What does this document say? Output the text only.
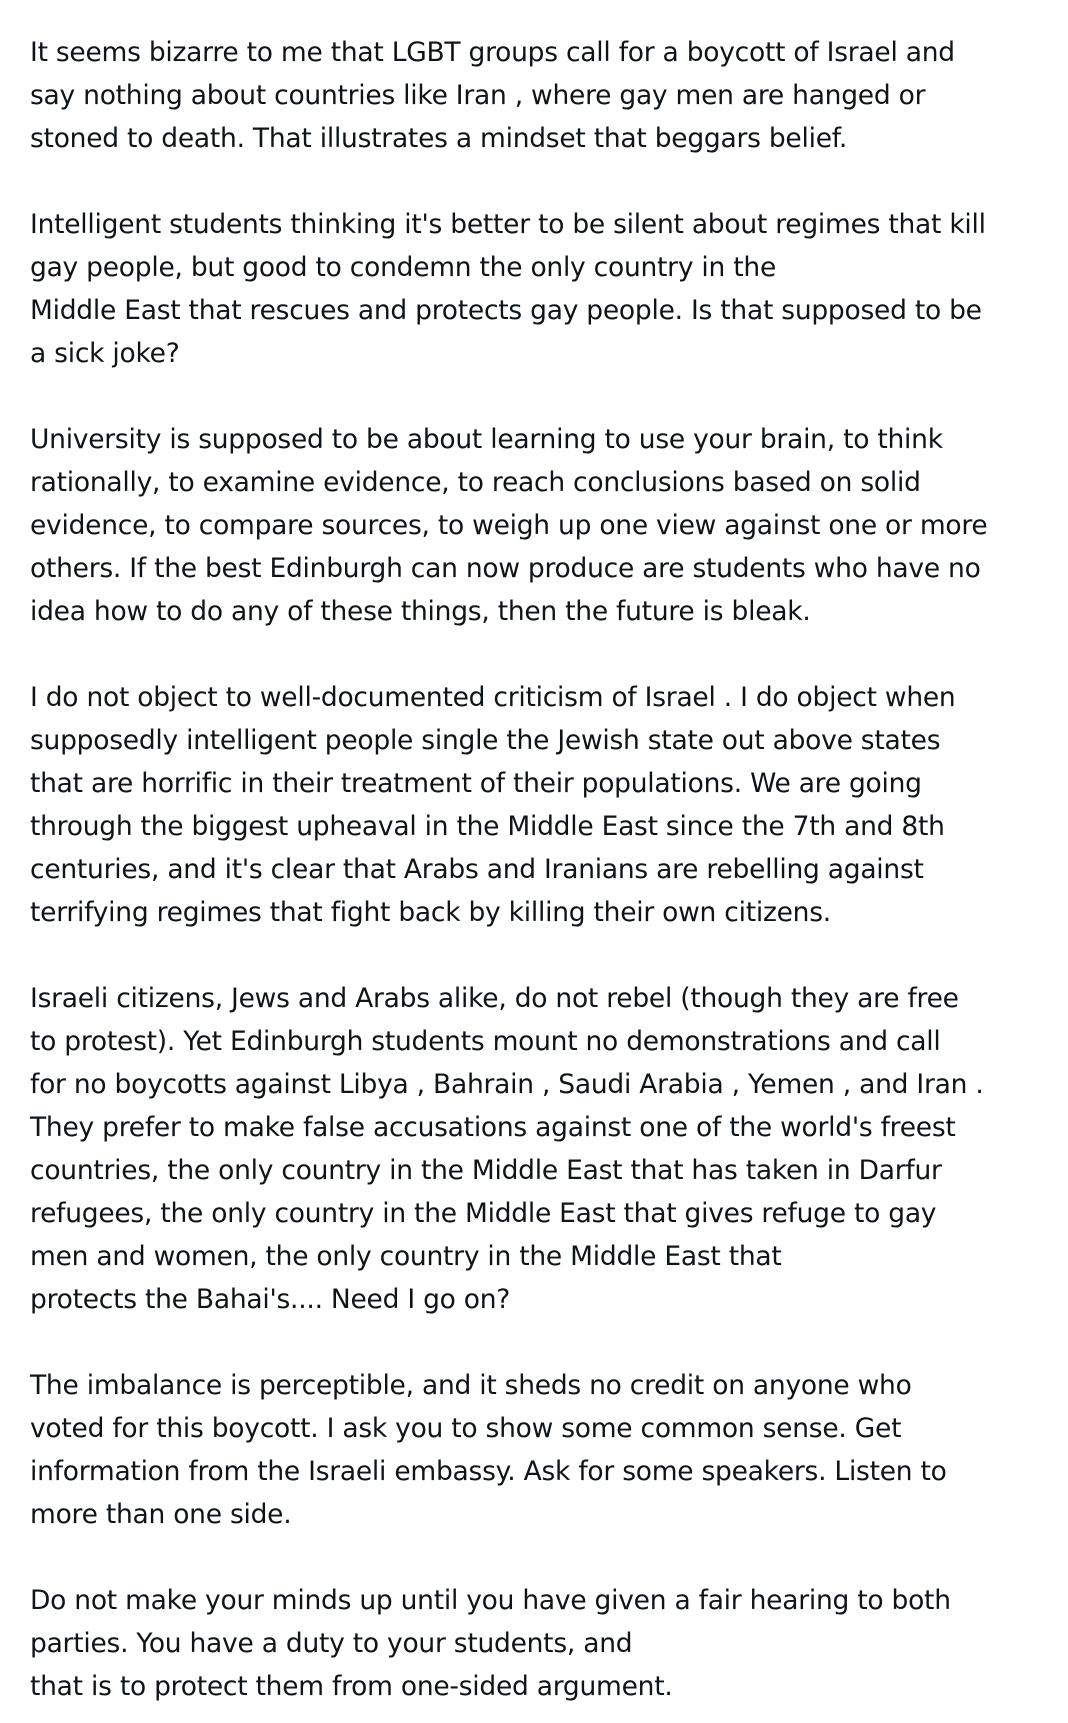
It seems bizarre to me that LGBT groups call for a boycott of Israel and
say nothing about countries like Iran , where gay men are hanged or
stoned to death. That illustrates a mindset that beggars belief.

Intelligent students thinking it's better to be silent about regimes that kill
gay people, but good to condemn the only country in the
Middle East that rescues and protects gay people. Is that supposed to be
a sick joke?

University is supposed to be about learning to use your brain, to think
rationally, to examine evidence, to reach conclusions based on solid
evidence, to compare sources, to weigh up one view against one or more
others. If the best Edinburgh can now produce are students who have no
idea how to do any of these things, then the future is bleak.

I do not object to well-documented criticism of Israel . I do object when
supposedly intelligent people single the Jewish state out above states
that are horrific in their treatment of their populations. We are going
through the biggest upheaval in the Middle East since the 7th and 8th
centuries, and it's clear that Arabs and Iranians are rebelling against
terrifying regimes that fight back by killing their own citizens.

Israeli citizens, Jews and Arabs alike, do not rebel (though they are free
to protest). Yet Edinburgh students mount no demonstrations and call
for no boycotts against Libya , Bahrain , Saudi Arabia , Yemen , and Iran .
They prefer to make false accusations against one of the world's freest
countries, the only country in the Middle East that has taken in Darfur
refugees, the only country in the Middle East that gives refuge to gay
men and women, the only country in the Middle East that
protects the Bahai's.... Need I go on?

The imbalance is perceptible, and it sheds no credit on anyone who
voted for this boycott. I ask you to show some common sense. Get
information from the Israeli embassy. Ask for some speakers. Listen to
more than one side.

Do not make your minds up until you have given a fair hearing to both
parties. You have a duty to your students, and
that is to protect them from one-sided argument.
